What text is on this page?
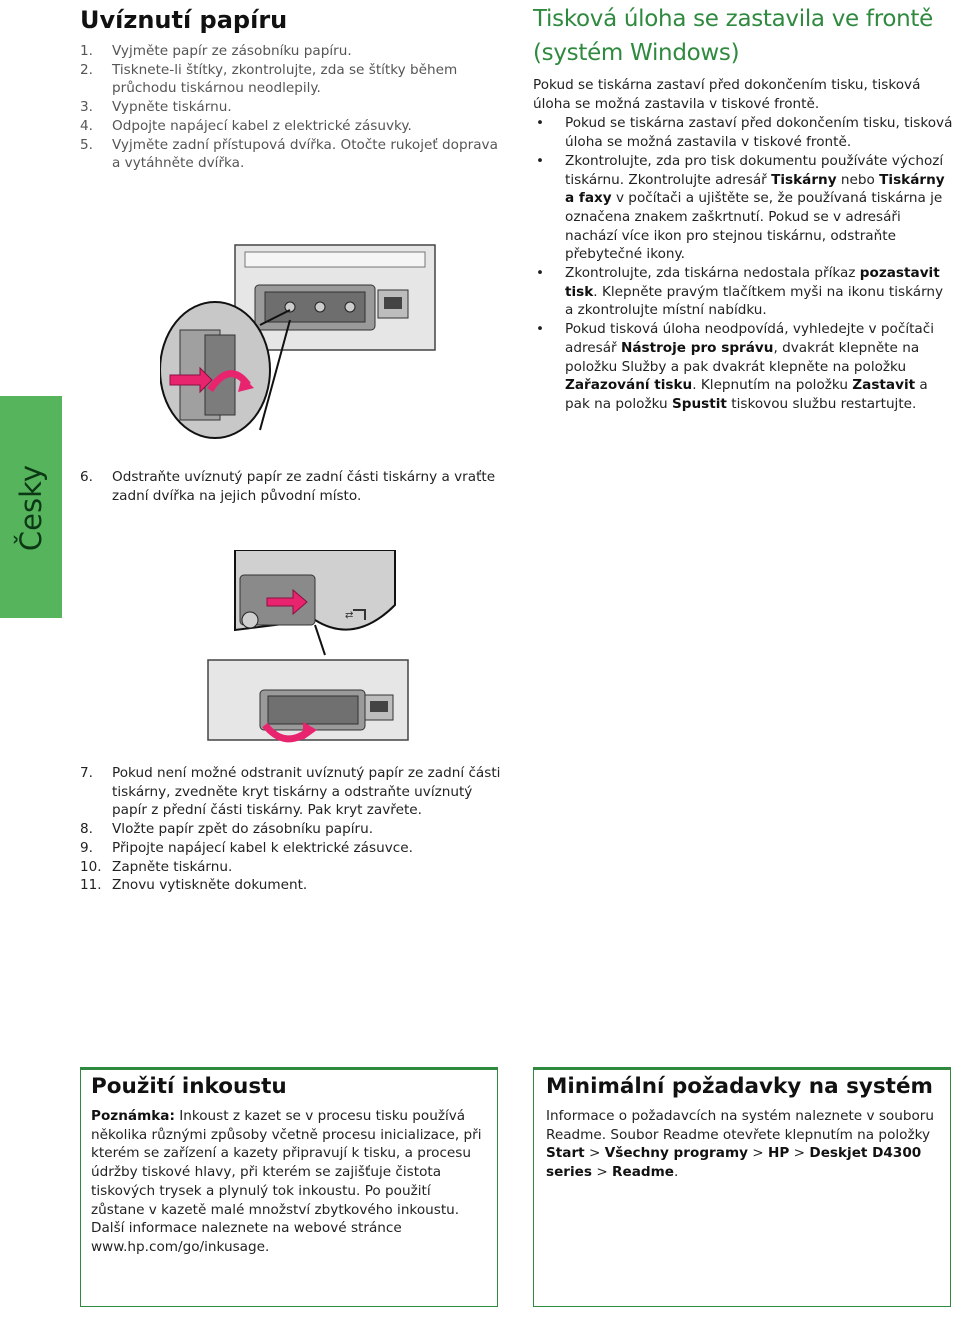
Uvíznutí papíru
1.	Vyjměte papír ze zásobníku papíru.
2.	Tisknete-li štítky, zkontrolujte, zda se štítky během průchodu tiskárnou neodlepily.
3.	Vypněte tiskárnu.
4.	Odpojte napájecí kabel z elektrické zásuvky.
5.	Vyjměte zadní přístupová dvířka. Otočte rukojeť doprava a vytáhněte dvířka.
Tisková úloha se zastavila ve frontě
(systém Windows)
Pokud se tiskárna zastaví před dokončením tisku, tisková úloha se možná zastavila v tiskové frontě.
•	Pokud se tiskárna zastaví před dokončením tisku, tisková úloha se možná zastavila v tiskové frontě.
•	Zkontrolujte, zda pro tisk dokumentu používáte výchozí tiskárnu. Zkontrolujte adresář Tiskárny nebo Tiskárny a faxy v počítači a ujištěte se, že používaná tiskárna je označena znakem zaškrtnutí. Pokud se v adresáři nachází více ikon pro stejnou tiskárnu, odstraňte přebytečné ikony.
•	Zkontrolujte, zda tiskárna nedostala příkaz pozastavit tisk. Klepněte pravým tlačítkem myši na ikonu tiskárny a zkontrolujte místní nabídku.
•	Pokud tisková úloha neodpovídá, vyhledejte v počítači adresář Nástroje pro správu, dvakrát klepněte na položku Služby a pak dvakrát klepněte na položku Zařazování tisku. Klepnutím na položku Zastavit a pak na položku Spustit tiskovou službu restartujte.
Česky 6.	Odstraňte uvíznutý papír ze zadní části tiskárny a vraťte zadní dvířka na jejich původní místo.
⇄
7.	Pokud není možné odstranit uvíznutý papír ze zadní části tiskárny, zvedněte kryt tiskárny a odstraňte uvíznutý papír z přední části tiskárny. Pak kryt zavřete.
8.	Vložte papír zpět do zásobníku papíru.
9.	Připojte napájecí kabel k elektrické zásuvce.
10. Zapněte tiskárnu.
11. Znovu vytiskněte dokument.
Použití inkoustu
Poznámka: Inkoust z kazet se v procesu tisku používá několika různými způsoby včetně procesu inicializace, při kterém se zařízení a kazety připravují k tisku, a procesu údržby tiskové hlavy, při kterém se zajišťuje čistota tiskových trysek a plynulý tok inkoustu. Po použití zůstane v kazetě malé množství zbytkového inkoustu. Další informace naleznete na webové stránce www.hp.com/go/inkusage.
Minimální požadavky na systém
Informace o požadavcích na systém naleznete v souboru Readme. Soubor Readme otevřete klepnutím na položky Start > Všechny programy > HP > Deskjet D4300 series > Readme.
